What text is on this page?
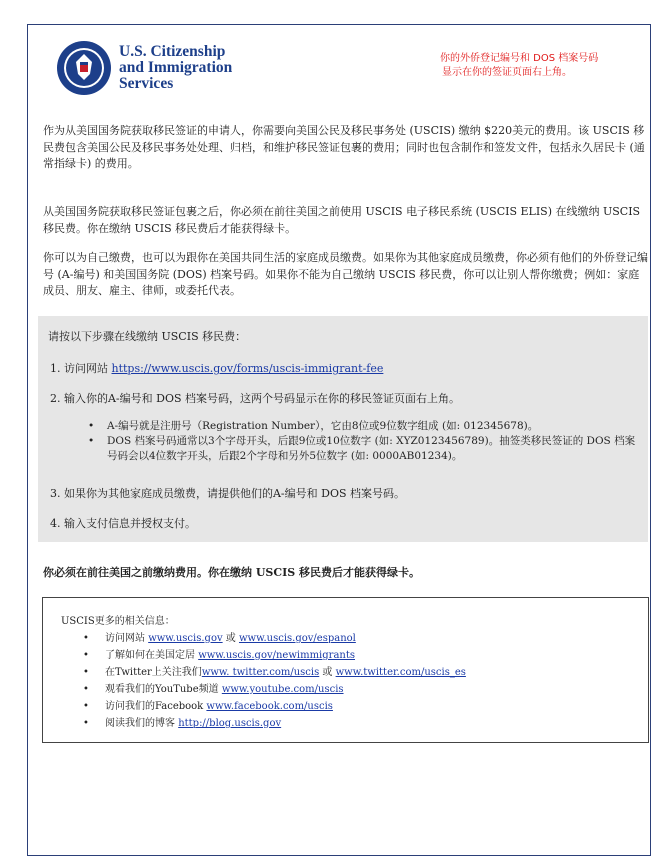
U.S. Citizenship
and Immigration
Services
你的外侨登记编号和 DOS 档案号码
显示在你的签证页面右上角。

作为从美国国务院获取移民签证的申请人，你需要向美国公民及移民事务处 (USCIS) 缴纳 $220美元的费用。该 USCIS 移民费包含美国公民及移民事务处处理、归档，和维护移民签证包裹的费用；同时也包含制作和签发文件，包括永久居民卡 (通常指绿卡) 的费用。

从美国国务院获取移民签证包裹之后，你必须在前往美国之前使用 USCIS 电子移民系统 (USCIS ELIS) 在线缴纳 USCIS 移民费。你在缴纳 USCIS 移民费后才能获得绿卡。

你可以为自己缴费，也可以为跟你在美国共同生活的家庭成员缴费。如果你为其他家庭成员缴费，你必须有他们的外侨登记编号 (A-编号) 和美国国务院 (DOS) 档案号码。如果你不能为自己缴纳 USCIS 移民费，你可以让别人帮你缴费；例如：家庭成员、朋友、雇主、律师，或委托代表。

请按以下步骤在线缴纳 USCIS 移民费：
1. 访问网站 https://www.uscis.gov/forms/uscis-immigrant-fee
2. 输入你的A-编号和 DOS 档案号码，这两个号码显示在你的移民签证页面右上角。
• A-编号就是注册号（Registration Number），它由8位或9位数字组成 (如: 012345678)。
• DOS 档案号码通常以3个字母开头，后跟9位或10位数字 (如: XYZ0123456789)。抽签类移民签证的 DOS 档案号码会以4位数字开头，后跟2个字母和另外5位数字 (如: 0000AB01234)。
3. 如果你为其他家庭成员缴费，请提供他们的A-编号和 DOS 档案号码。
4. 输入支付信息并授权支付。
你必须在前往美国之前缴纳费用。你在缴纳 USCIS 移民费后才能获得绿卡。
USCIS更多的相关信息：
• 访问网站 www.uscis.gov 或 www.uscis.gov/espanol
• 了解如何在美国定居 www.uscis.gov/newimmigrants
• 在Twitter上关注我们www. twitter.com/uscis 或 www.twitter.com/uscis_es
• 观看我们的YouTube频道 www.youtube.com/uscis
• 访问我们的Facebook www.facebook.com/uscis
• 阅读我们的博客 http://blog.uscis.gov
